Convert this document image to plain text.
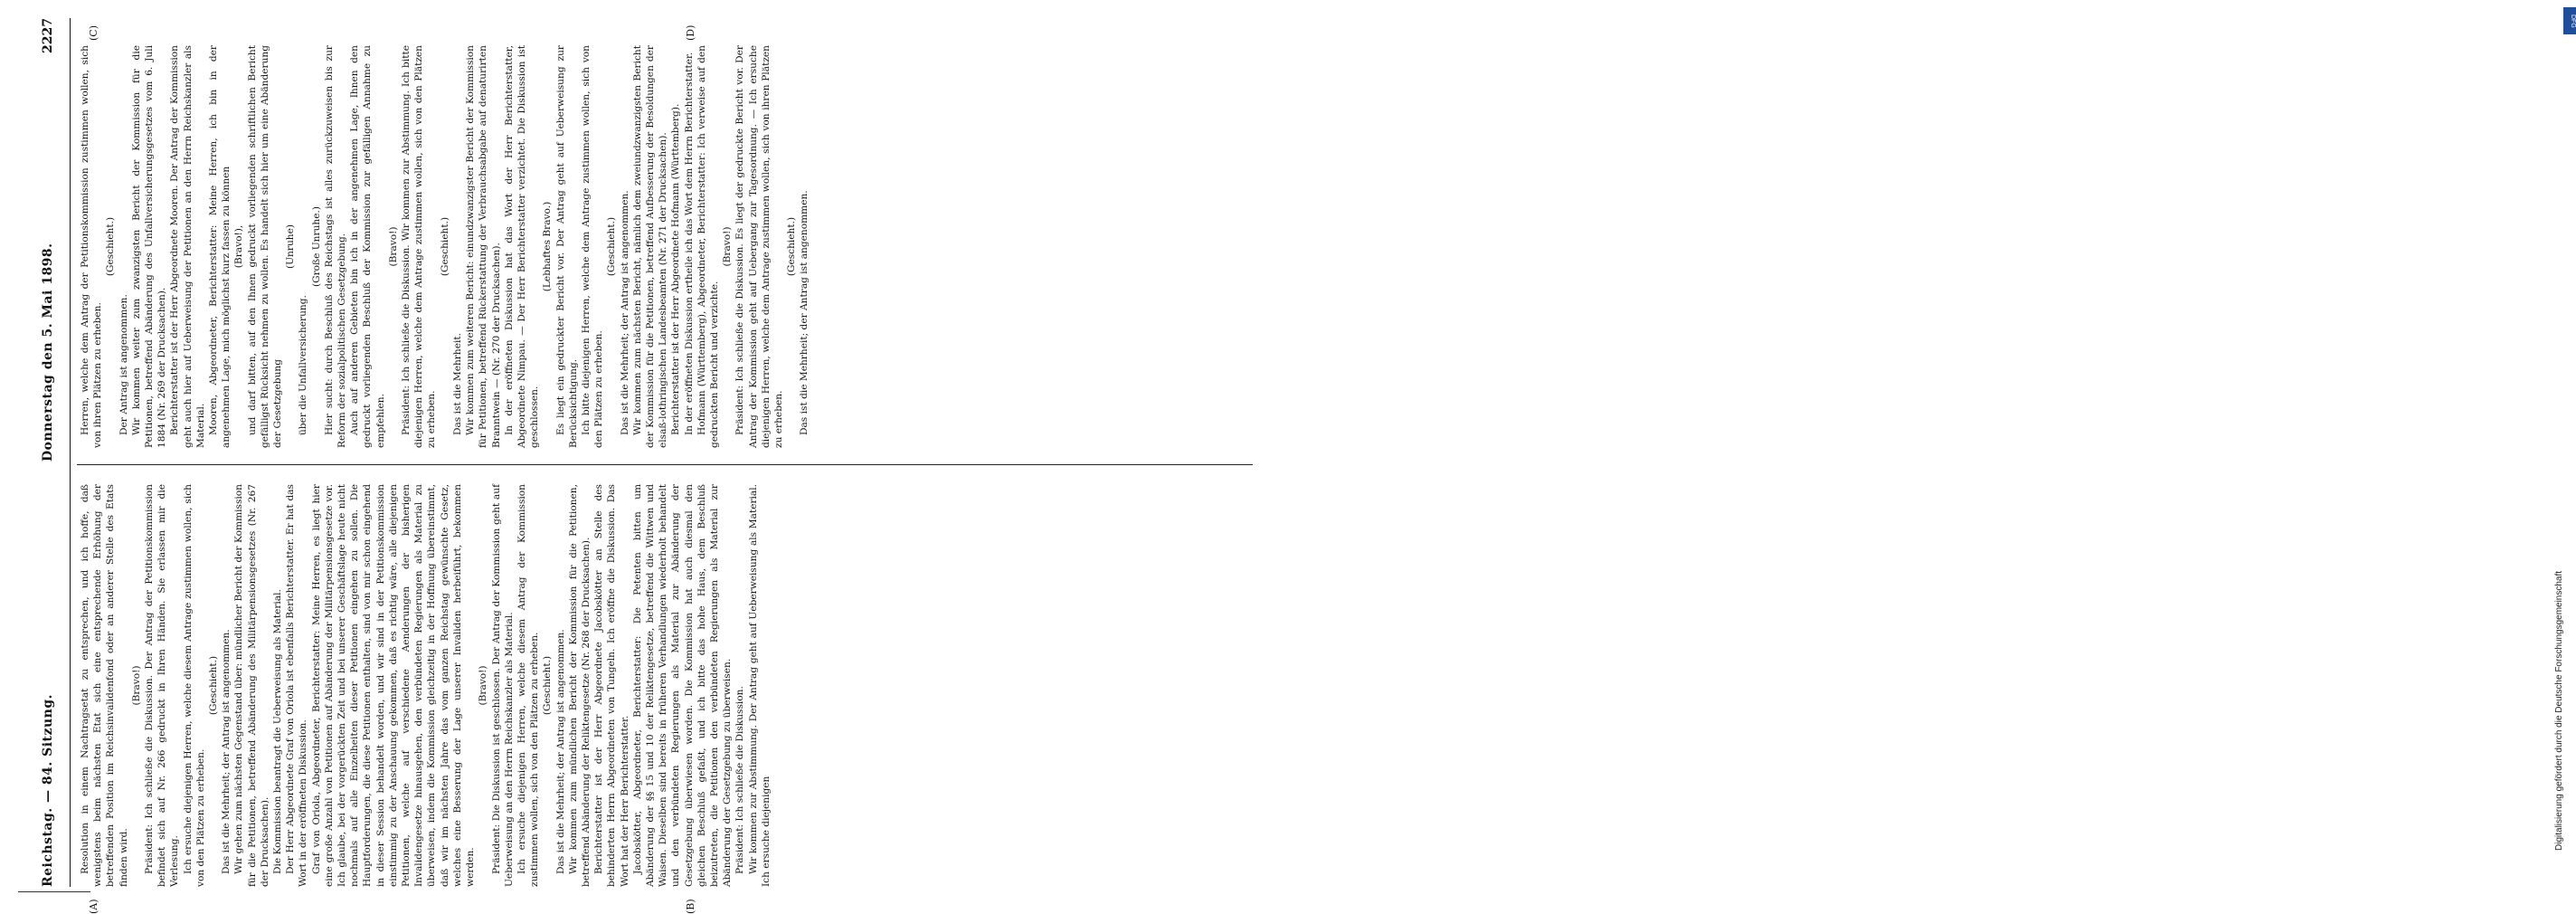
Reichstag. — 84. Sitzung.
Donnerstag den 5. Mai 1898.
2227
(A)	(B)
(C)	(D)

Resolution in einem Nachtragsetat zu entsprechen, und ich hoffe, daß wenigstens beim nächsten Etat sich eine entsprechende Erhöhung der betreffenden Position im Reichsinvalidenfond oder an anderer Stelle des Etats finden wird.

(Bravo!) Präsident: Ich schließe die Diskussion. Der Antrag der Petitionskommission befindet sich auf Nr. 266 gedruckt in Ihren Händen. Sie erlassen mir die Verlesung. Ich ersuche diejenigen Herren, welche diesem Antrage zustimmen wollen, sich von den Plätzen zu erheben.

(Geschieht.) Das ist die Mehrheit; der Antrag ist angenommen. Wir gehen zum nächsten Gegenstand über: mündlicher Bericht der Kommission für die Petitionen, betreffend Abänderung des Militärpensionsgesetzes (Nr. 267 der Drucksachen). Die Kommission beantragt die Ueberweisung als Material. Der Herr Abgeordnete Graf von Oriola ist ebenfalls Berichterstatter. Er hat das Wort in der eröffneten Diskussion. Graf von Oriola, Abgeordneter, Berichterstatter: Meine Herren, es liegt hier eine große Anzahl von Petitionen auf Abänderung der Militärpensionsgesetze vor. Ich glaube, bei der vorgerückten Zeit und bei unserer Geschäftslage heute nicht nochmals auf alle Einzelheiten dieser Petitionen eingehen zu sollen. Die Hauptforderungen, die diese Petitionen enthalten, sind von mir schon eingehend in dieser Session behandelt worden, und wir sind in der Petitionskommission einstimmig zu der Anschauung gekommen, daß es richtig wäre, alle diejenigen Petitionen, welche auf verschiedene Aenderungen der bisherigen Invalidengesetze hinausgehen, den verbündeten Regierungen als Material zu überweisen, indem die Kommission gleichzeitig in der Hoffnung übereinstimmt, daß wir im nächsten Jahre das vom ganzen Reichstag gewünschte Gesetz, welches eine Besserung der Lage unserer Invaliden herbeiführt, bekommen werden.

(Bravo!) Präsident: Die Diskussion ist geschlossen. Der Antrag der Kommission geht auf Ueberweisung an den Herrn Reichskanzler als Material. Ich ersuche diejenigen Herren, welche diesem Antrag der Kommission zustimmen wollen, sich von den Plätzen zu erheben. (Geschieht.) Das ist die Mehrheit; der Antrag ist angenommen. Wir kommen zum mündlichen Bericht der Kommission für die Petitionen, betreffend Abänderung der Reliktengesetze (Nr. 268 der Drucksachen). Berichterstatter ist der Herr Abgeordnete Jacobskötter an Stelle des behinderten Herrn Abgeordneten von Tungeln. Ich eröffne die Diskussion. Das Wort hat der Herr Berichterstatter. Jacobskötter, Abgeordneter, Berichterstatter: Die Petenten bitten um Abänderung der §§ 15 und 10 der Reliktengesetze, betreffend die Wittwen und Waisen. Dieselben sind bereits in früheren Verhandlungen wiederholt behandelt und den verbündeten Regierungen als Material zur Abänderung der Gesetzgebung überwiesen worden. Die Kommission hat auch diesmal den gleichen Beschluß gefaßt, und ich bitte das hohe Haus, dem Beschluß beizutreten, die Petitionen den verbündeten Regierungen als Material zur Abänderung der Gesetzgebung zu überweisen. Präsident: Ich schließe die Diskussion. Wir kommen zur Abstimmung. Der Antrag geht auf Ueberweisung als Material. Ich ersuche diejenigen

Herren, welche dem Antrag der Petitionskommission zustimmen wollen, sich von ihren Plätzen zu erheben.

(Geschieht.)

Der Antrag ist angenommen. Wir kommen weiter zum zwanzigsten Bericht der Kommission für die Petitionen, betreffend Abänderung des Unfallversicherungsgesetzes vom 6. Juli 1884 (Nr. 269 der Drucksachen). Berichterstatter ist der Herr Abgeordnete Mooren. Der Antrag der Kommission geht auch hier auf Ueberweisung der Petitionen an den Herrn Reichskanzler als Material. Mooren, Abgeordneter, Berichterstatter: Meine Herren, ich bin in der angenehmen Lage, mich möglichst kurz fassen zu können (Bravo!), und darf bitten, auf den Ihnen gedruckt vorliegenden schriftlichen Bericht gefälligst Rücksicht nehmen zu wollen. Es handelt sich hier um eine Abänderung der Gesetzgebung

(Unruhe)

über die Unfallversicherung.

(Große Unruhe.) Hier sucht: durch Beschluß des Reichstags ist alles zurückzuweisen bis zur Reform der sozialpolitischen Gesetzgebung. Auch auf anderen Gebieten bin ich in der angenehmen Lage, Ihnen den gedruckt vorliegenden Beschluß der Kommission zur gefälligen Annahme zu empfehlen.

(Bravo!) Präsident: Ich schließe die Diskussion. Wir kommen zur Abstimmung. Ich bitte diejenigen Herren, welche dem Antrage zustimmen wollen, sich von den Plätzen zu erheben.

(Geschieht.)

Das ist die Mehrheit. Wir kommen zum weiteren Bericht: einundzwanzigster Bericht der Kommission für Petitionen, betreffend Rückerstattung der Verbrauchsabgabe auf denaturirten Branntwein — (Nr. 270 der Drucksachen). In der eröffneten Diskussion hat das Wort der Herr Berichterstatter, Abgeordnete Nimpau. — Der Herr Berichterstatter verzichtet. Die Diskussion ist geschlossen.

(Lebhaftes Bravo.) Es liegt ein gedruckter Bericht vor. Der Antrag geht auf Ueberweisung zur Berücksichtigung. Ich bitte diejenigen Herren, welche dem Antrage zustimmen wollen, sich von den Plätzen zu erheben.

(Geschieht.) Das ist die Mehrheit; der Antrag ist angenommen. Wir kommen zum nächsten Bericht, nämlich dem zweiundzwanzigsten Bericht der Kommission für die Petitionen, betreffend Aufbesserung der Besoldungen der elsaß-lothringischen Landesbeamten (Nr. 271 der Drucksachen). Berichterstatter ist der Herr Abgeordnete Hofmann (Württemberg). In der eröffneten Diskussion ertheile ich das Wort dem Herrn Berichterstatter. Hofmann (Württemberg), Abgeordneter, Berichterstatter: Ich verweise auf den gedruckten Bericht und verzichte.

(Bravo!) Präsident: Ich schließe die Diskussion. Es liegt der gedruckte Bericht vor. Der Antrag der Kommission geht auf Uebergang zur Tagesordnung. — Ich ersuche diejenigen Herren, welche dem Antrage zustimmen wollen, sich von ihren Plätzen zu erheben.

(Geschieht.) Das ist die Mehrheit; der Antrag ist angenommen.

DFG
Digitalisierung gefördert durch die Deutsche Forschungsgemeinschaft
